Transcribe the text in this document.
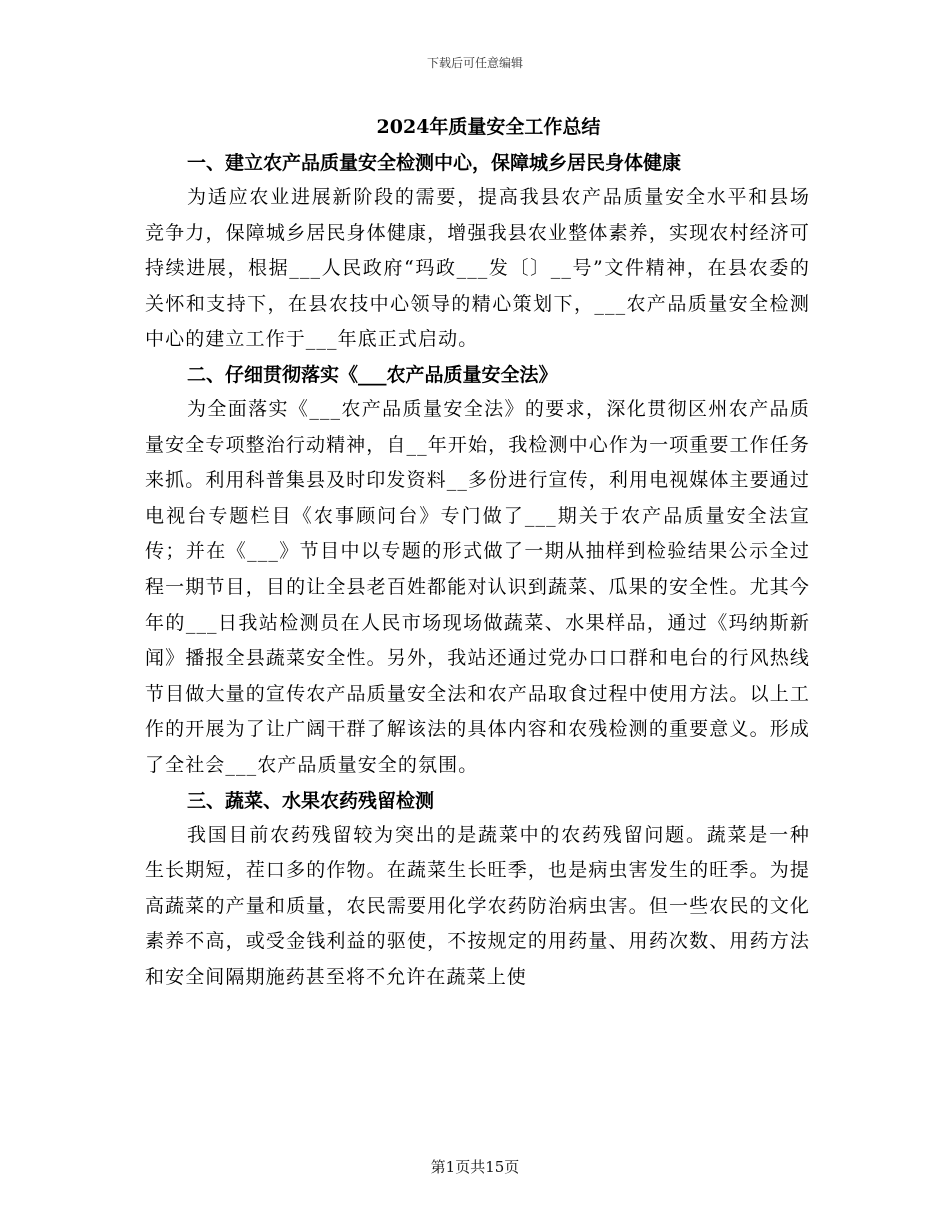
下载后可任意编辑
2024年质量安全工作总结
一、建立农产品质量安全检测中心，保障城乡居民身体健康

为适应农业进展新阶段的需要，提高我县农产品质量安全水平和县场竞争力，保障城乡居民身体健康，增强我县农业整体素养，实现农村经济可持续进展，根据___人民政府“玛政___发〔〕__号”文件精神，在县农委的关怀和支持下，在县农技中心领导的精心策划下，___农产品质量安全检测中心的建立工作于___年底正式启动。

二、仔细贯彻落实《___农产品质量安全法》

为全面落实《___农产品质量安全法》的要求，深化贯彻区州农产品质量安全专项整治行动精神，自__年开始，我检测中心作为一项重要工作任务来抓。利用科普集县及时印发资料__多份进行宣传，利用电视媒体主要通过电视台专题栏目《农事顾问台》专门做了___期关于农产品质量安全法宣传；并在《___》节目中以专题的形式做了一期从抽样到检验结果公示全过程一期节目，目的让全县老百姓都能对认识到蔬菜、瓜果的安全性。尤其今年的___日我站检测员在人民市场现场做蔬菜、水果样品，通过《玛纳斯新闻》播报全县蔬菜安全性。另外，我站还通过党办口口群和电台的行风热线节目做大量的宣传农产品质量安全法和农产品取食过程中使用方法。以上工作的开展为了让广阔干群了解该法的具体内容和农残检测的重要意义。形成了全社会___农产品质量安全的氛围。

三、蔬菜、水果农药残留检测

我国目前农药残留较为突出的是蔬菜中的农药残留问题。蔬菜是一种生长期短，茬口多的作物。在蔬菜生长旺季，也是病虫害发生的旺季。为提高蔬菜的产量和质量，农民需要用化学农药防治病虫害。但一些农民的文化素养不高，或受金钱利益的驱使，不按规定的用药量、用药次数、用药方法和安全间隔期施药甚至将不允许在蔬菜上使

第1页共15页
